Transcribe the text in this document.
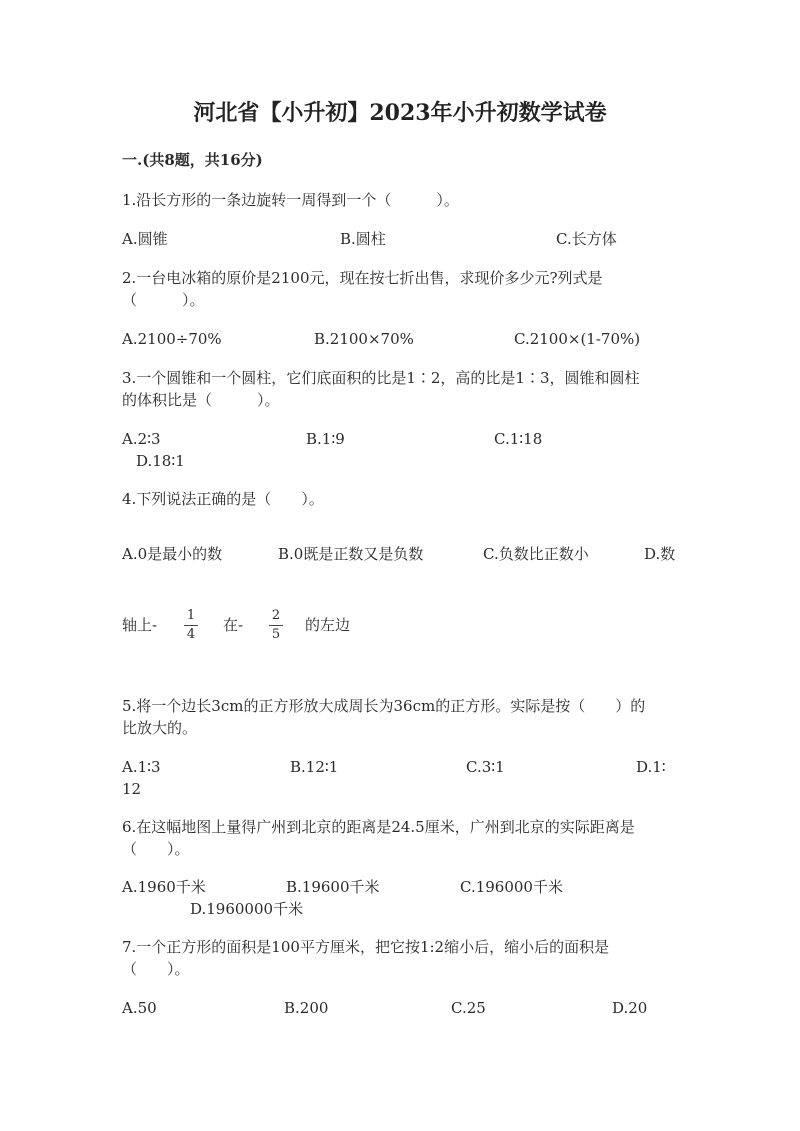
河北省【小升初】2023年小升初数学试卷
一.(共8题，共16分)
1.沿长方形的一条边旋转一周得到一个（　　　）。
A.圆锥	B.圆柱	C.长方体
2.一台电冰箱的原价是2100元，现在按七折出售，求现价多少元?列式是
（　　　）。
A.2100÷70%	B.2100×70%	C.2100×(1-70%)
3.一个圆锥和一个圆柱，它们底面积的比是1∶2，高的比是1∶3，圆锥和圆柱
的体积比是（　　　）。
A.2∶3	B.1∶9	C.1∶18
D.18∶1
4.下列说法正确的是（　　）。
A.0是最小的数	B.0既是正数又是负数	C.负数比正数小	D.数
轴上-
1
4
在-
2
5
的左边
5.将一个边长3cm的正方形放大成周长为36cm的正方形。实际是按（　　）的
比放大的。
A.1∶3	B.12∶1	C.3∶1	D.1∶
12
6.在这幅地图上量得广州到北京的距离是24.5厘米，广州到北京的实际距离是
（　　）。
A.1960千米	B.19600千米	C.196000千米
D.1960000千米
7.一个正方形的面积是100平方厘米，把它按1:2缩小后，缩小后的面积是
（　　）。
A.50	B.200	C.25	D.20
